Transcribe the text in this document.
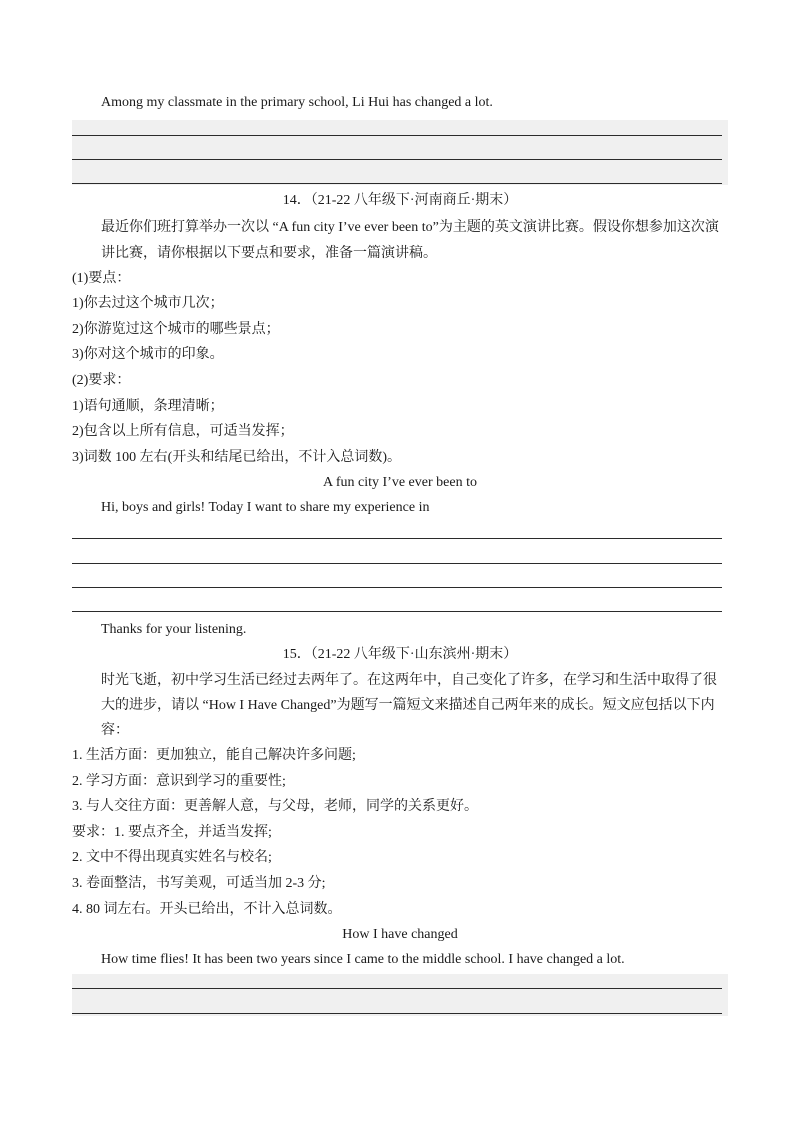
Among my classmate in the primary school, Li Hui has changed a lot.
14．（21-22 八年级下·河南商丘·期末）
最近你们班打算举办一次以 “A fun city I’ve ever been to”为主题的英文演讲比赛。假设你想参加这次演
讲比赛，请你根据以下要点和要求，准备一篇演讲稿。
(1)要点：
1)你去过这个城市几次；
2)你游览过这个城市的哪些景点；
3)你对这个城市的印象。
(2)要求：
1)语句通顺，条理清晰；
2)包含以上所有信息，可适当发挥；
3)词数 100 左右(开头和结尾已给出，不计入总词数)。
A fun city I’ve ever been to
Hi, boys and girls! Today I want to share my experience in
Thanks for your listening.
15．（21-22 八年级下·山东滨州·期末）
时光飞逝，初中学习生活已经过去两年了。在这两年中，自己变化了许多，在学习和生活中取得了很
大的进步，请以 “How I Have Changed”为题写一篇短文来描述自己两年来的成长。短文应包括以下内
容：
1. 生活方面：更加独立，能自己解决许多问题;
2. 学习方面：意识到学习的重要性;
3. 与人交往方面：更善解人意，与父母，老师，同学的关系更好。
要求：1. 要点齐全，并适当发挥;
2. 文中不得出现真实姓名与校名;
3. 卷面整洁，书写美观，可适当加 2-3 分;
4. 80 词左右。开头已给出，不计入总词数。
How I have changed
How time flies! It has been two years since I came to the middle school. I have changed a lot.
